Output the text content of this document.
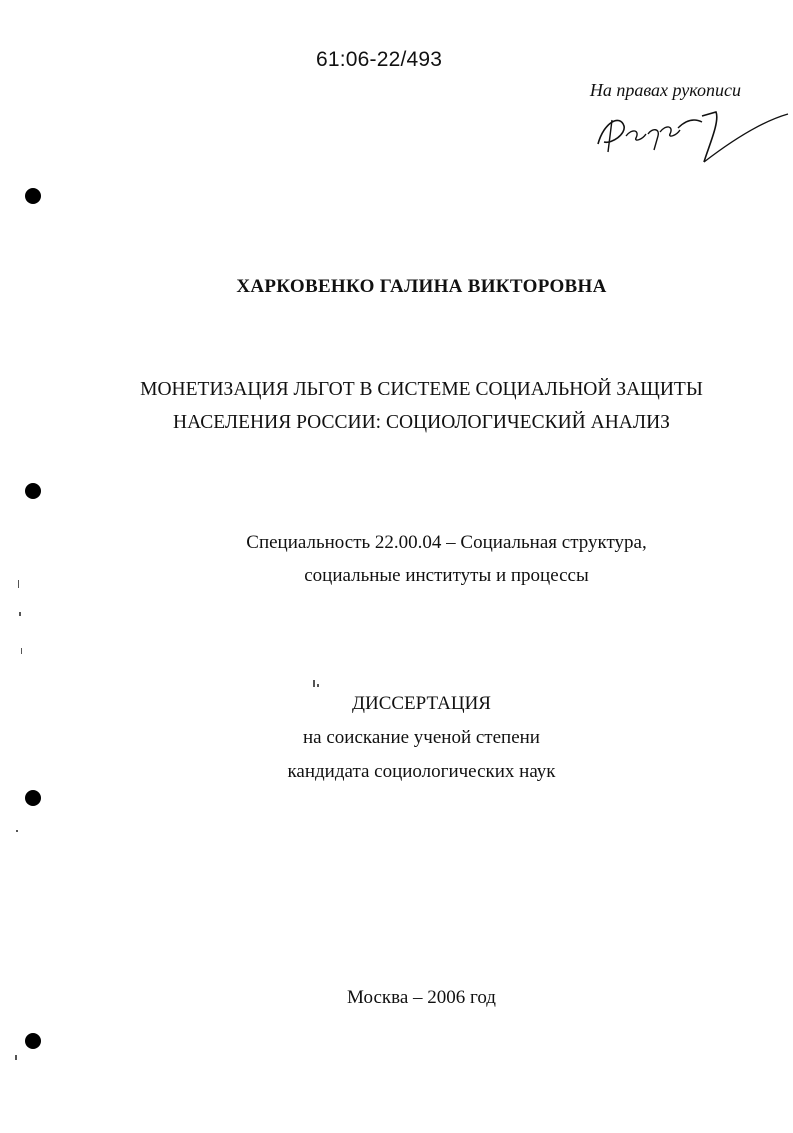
61:06-22/493
На правах рукописи
ХАРКОВЕНКО ГАЛИНА ВИКТОРОВНА
МОНЕТИЗАЦИЯ ЛЬГОТ В СИСТЕМЕ СОЦИАЛЬНОЙ ЗАЩИТЫ
НАСЕЛЕНИЯ РОССИИ: СОЦИОЛОГИЧЕСКИЙ АНАЛИЗ
Специальность 22.00.04 – Социальная структура,
социальные институты и процессы
ДИССЕРТАЦИЯ
на соискание ученой степени
кандидата социологических наук
Москва – 2006 год
